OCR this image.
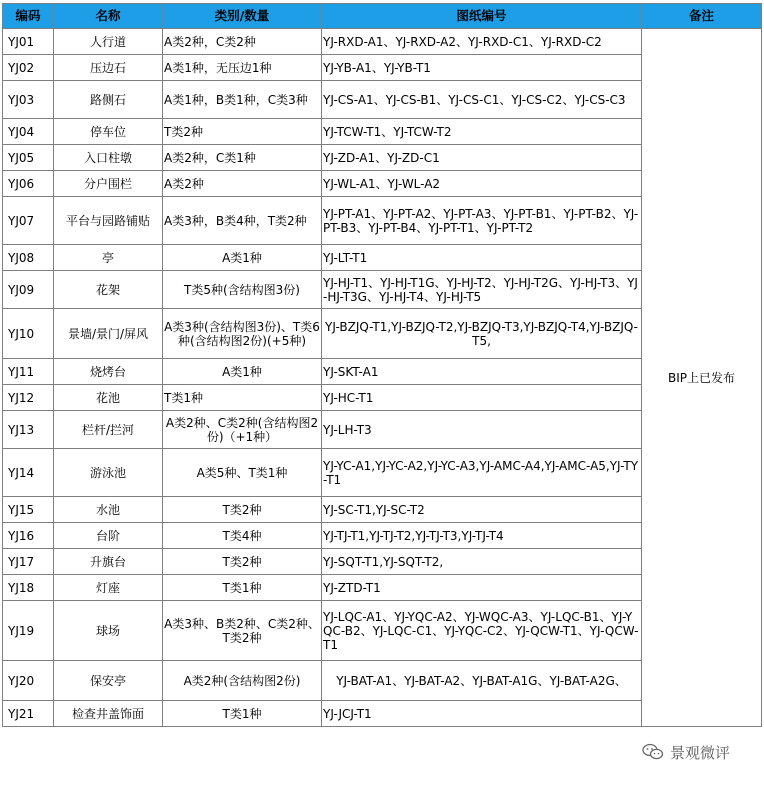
编码	名称	类别/数量	图纸编号	备注
YJ01	人行道	A类2种，C类2种	YJ-RXD-A1、YJ-RXD-A2、YJ-RXD-C1、YJ-RXD-C2	BIP上已发布
YJ02	压边石	A类1种，无压边1种	YJ-YB-A1、YJ-YB-T1	
YJ03	路侧石	A类1种，B类1种，C类3种	YJ-CS-A1、YJ-CS-B1、YJ-CS-C1、YJ-CS-C2、YJ-CS-C3	
YJ04	停车位	T类2种	YJ-TCW-T1、YJ-TCW-T2	
YJ05	入口柱墩	A类2种，C类1种	YJ-ZD-A1、YJ-ZD-C1	
YJ06	分户围栏	A类2种	YJ-WL-A1、YJ-WL-A2	
YJ07	平台与园路铺贴	A类3种，B类4种，T类2种	YJ-PT-A1、YJ-PT-A2、YJ-PT-A3、YJ-PT-B1、YJ-PT-B2、YJ-PT-B3、YJ-PT-B4、YJ-PT-T1、YJ-PT-T2	
YJ08	亭	A类1种	YJ-LT-T1	
YJ09	花架	T类5种(含结构图3份)	YJ-HJ-T1、YJ-HJ-T1G、YJ-HJ-T2、YJ-HJ-T2G、YJ-HJ-T3、YJ-HJ-T3G、YJ-HJ-T4、YJ-HJ-T5	
YJ10	景墙/景门/屏风	A类3种(含结构图3份)、T类6种(含结构图2份)(+5种)	YJ-BZJQ-T1,YJ-BZJQ-T2,YJ-BZJQ-T3,YJ-BZJQ-T4,YJ-BZJQ-T5,	
YJ11	烧烤台	A类1种	YJ-SKT-A1	
YJ12	花池	T类1种	YJ-HC-T1	
YJ13	栏杆/拦河	A类2种、C类2种(含结构图2份)（+1种）	YJ-LH-T3	
YJ14	游泳池	A类5种、T类1种	YJ-YC-A1,YJ-YC-A2,YJ-YC-A3,YJ-AMC-A4,YJ-AMC-A5,YJ-TY-T1	
YJ15	水池	T类2种	YJ-SC-T1,YJ-SC-T2	
YJ16	台阶	T类4种	YJ-TJ-T1,YJ-TJ-T2,YJ-TJ-T3,YJ-TJ-T4	
YJ17	升旗台	T类2种	YJ-SQT-T1,YJ-SQT-T2,	
YJ18	灯座	T类1种	YJ-ZTD-T1	
YJ19	球场	A类3种、B类2种、C类2种、T类2种	YJ-LQC-A1、YJ-YQC-A2、YJ-WQC-A3、YJ-LQC-B1、YJ-YQC-B2、YJ-LQC-C1、YJ-YQC-C2、YJ-QCW-T1、YJ-QCW-T1	
YJ20	保安亭	A类2种(含结构图2份)	YJ-BAT-A1、YJ-BAT-A2、YJ-BAT-A1G、YJ-BAT-A2G、	
YJ21	检查井盖饰面	T类1种	YJ-JCJ-T1	
景观微评
